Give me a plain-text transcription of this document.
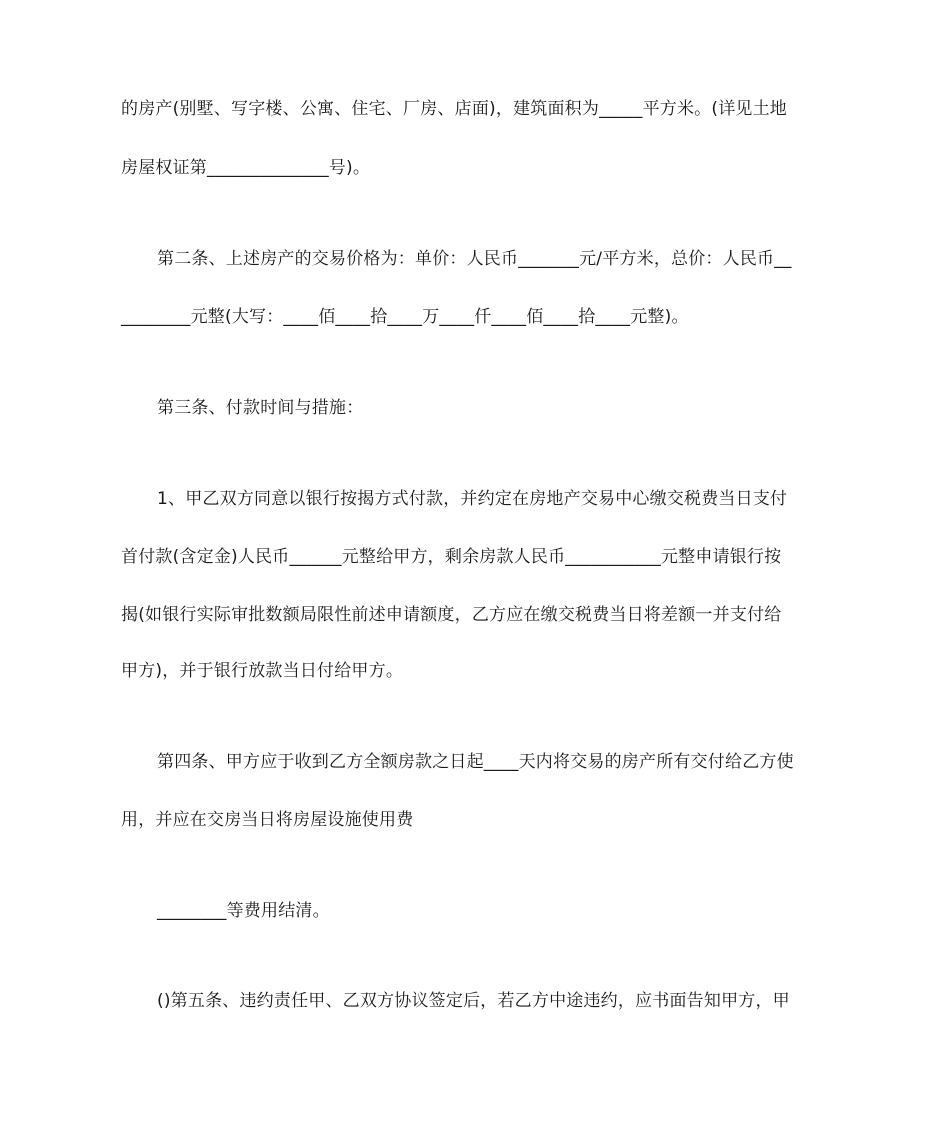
的房产(别墅、写字楼、公寓、住宅、厂房、店面)，建筑面积为_____平方米。(详见土地
房屋权证第______________号)。
第二条、上述房产的交易价格为：单价：人民币_______元/平方米，总价：人民币__
________元整(大写：____佰____拾____万____仟____佰____拾____元整)。
第三条、付款时间与措施：
1、甲乙双方同意以银行按揭方式付款，并约定在房地产交易中心缴交税费当日支付
首付款(含定金)人民币______元整给甲方，剩余房款人民币___________元整申请银行按
揭(如银行实际审批数额局限性前述申请额度，乙方应在缴交税费当日将差额一并支付给
甲方)，并于银行放款当日付给甲方。
第四条、甲方应于收到乙方全额房款之日起____天内将交易的房产所有交付给乙方使
用，并应在交房当日将房屋设施使用费
________等费用结清。
()第五条、违约责任甲、乙双方协议签定后，若乙方中途违约，应书面告知甲方，甲
